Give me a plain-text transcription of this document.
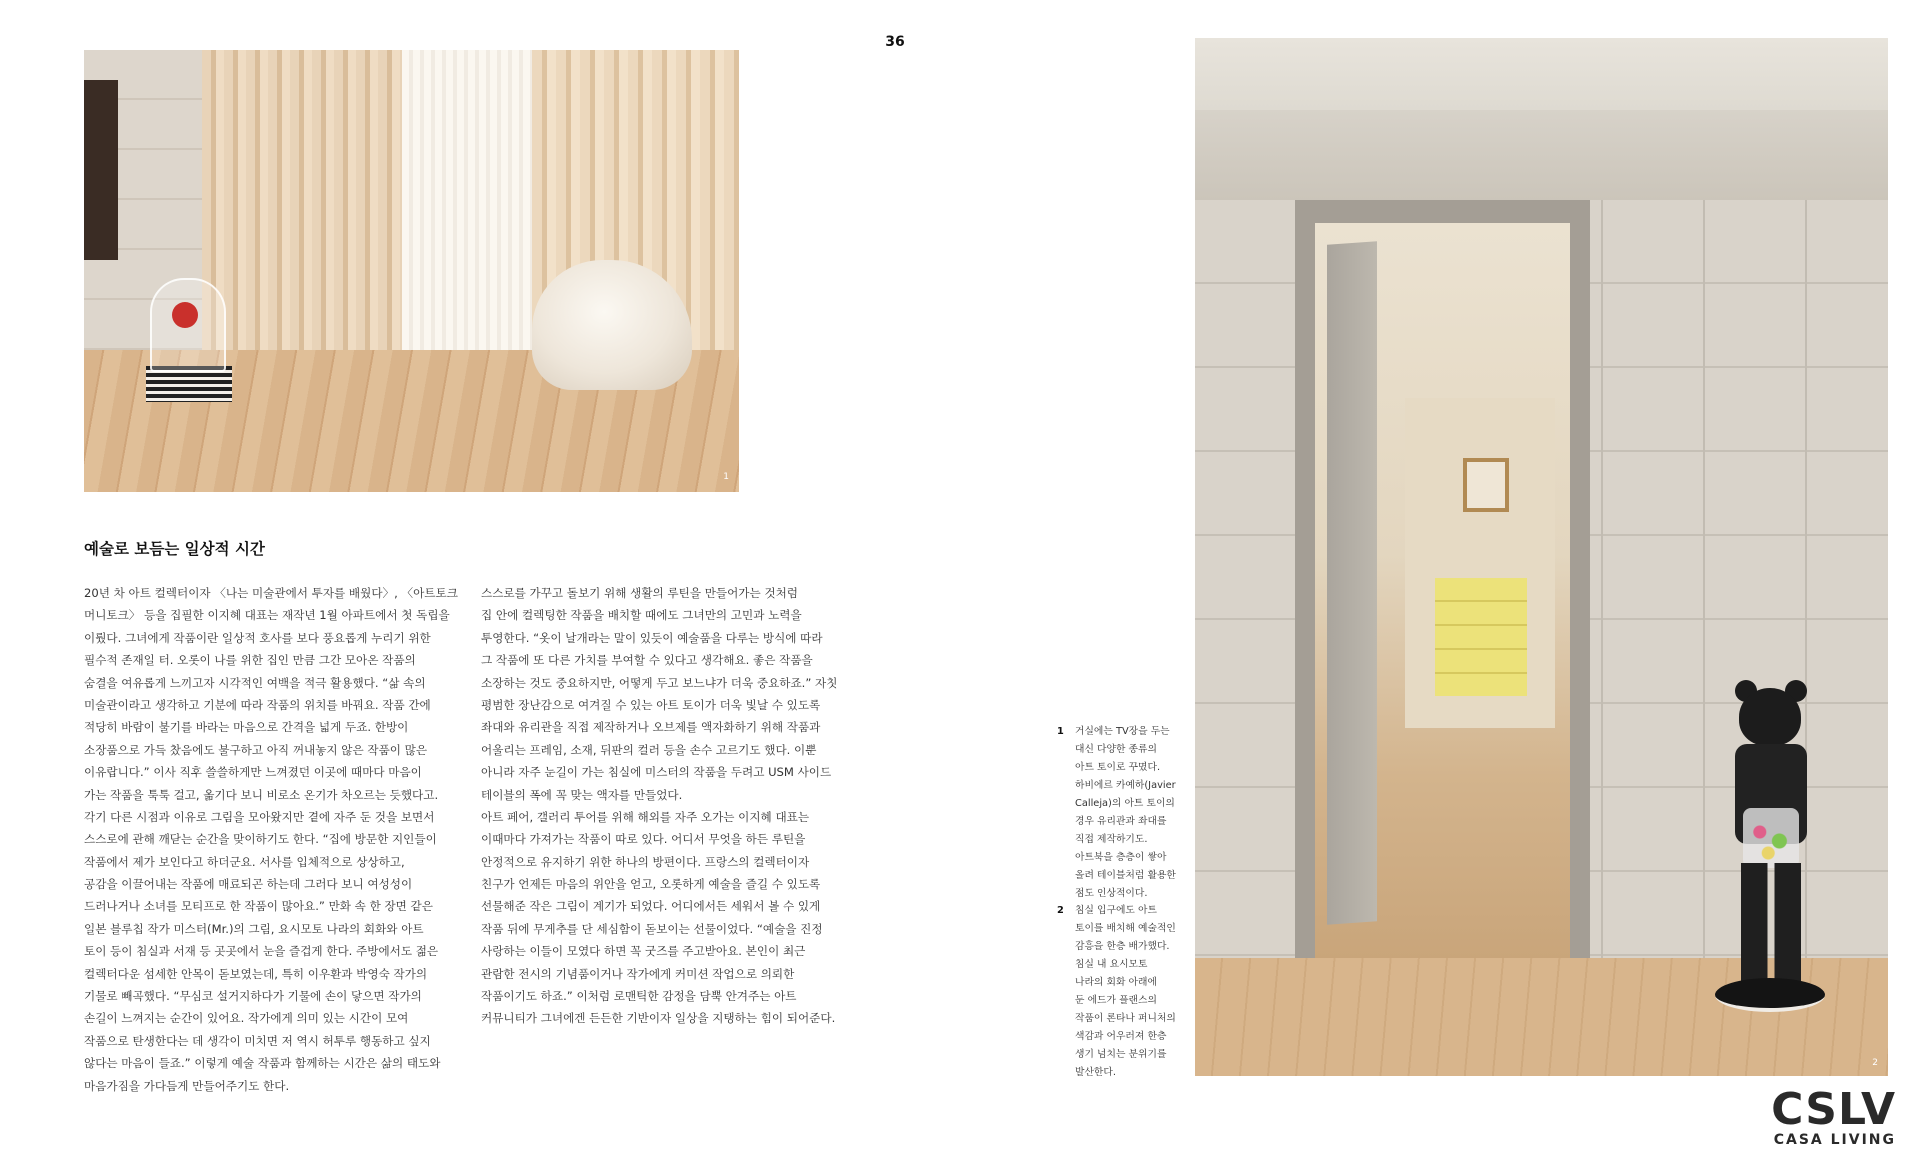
36
1
예술로 보듬는 일상적 시간
20년 차 아트 컬렉터이자 〈나는 미술관에서 투자를 배웠다〉, 〈아트토크
머니토크〉 등을 집필한 이지혜 대표는 재작년 1월 아파트에서 첫 독립을
이뤘다. 그녀에게 작품이란 일상적 호사를 보다 풍요롭게 누리기 위한
필수적 존재일 터. 오롯이 나를 위한 집인 만큼 그간 모아온 작품의
숨결을 여유롭게 느끼고자 시각적인 여백을 적극 활용했다. “삶 속의
미술관이라고 생각하고 기분에 따라 작품의 위치를 바꿔요. 작품 간에
적당히 바람이 불기를 바라는 마음으로 간격을 넓게 두죠. 한방이
소장품으로 가득 찼음에도 불구하고 아직 꺼내놓지 않은 작품이 많은
이유랍니다.” 이사 직후 쓸쓸하게만 느껴졌던 이곳에 때마다 마음이
가는 작품을 툭툭 걸고, 옮기다 보니 비로소 온기가 차오르는 듯했다고.
각기 다른 시점과 이유로 그림을 모아왔지만 곁에 자주 둔 것을 보면서
스스로에 관해 깨닫는 순간을 맞이하기도 한다. “집에 방문한 지인들이
작품에서 제가 보인다고 하더군요. 서사를 입체적으로 상상하고,
공감을 이끌어내는 작품에 매료되곤 하는데 그러다 보니 여성성이
드러나거나 소녀를 모티프로 한 작품이 많아요.” 만화 속 한 장면 같은
일본 블루칩 작가 미스터(Mr.)의 그림, 요시모토 나라의 회화와 아트
토이 등이 침실과 서재 등 곳곳에서 눈을 즐겁게 한다. 주방에서도 젊은
컬렉터다운 섬세한 안목이 돋보였는데, 특히 이우환과 박영숙 작가의
기물로 빼곡했다. “무심코 설거지하다가 기물에 손이 닿으면 작가의
손길이 느껴지는 순간이 있어요. 작가에게 의미 있는 시간이 모여
작품으로 탄생한다는 데 생각이 미치면 저 역시 허투루 행동하고 싶지
않다는 마음이 들죠.” 이렇게 예술 작품과 함께하는 시간은 삶의 태도와
마음가짐을 가다듬게 만들어주기도 한다.
스스로를 가꾸고 돌보기 위해 생활의 루틴을 만들어가는 것처럼
집 안에 컬렉팅한 작품을 배치할 때에도 그녀만의 고민과 노력을
투영한다. “옷이 날개라는 말이 있듯이 예술품을 다루는 방식에 따라
그 작품에 또 다른 가치를 부여할 수 있다고 생각해요. 좋은 작품을
소장하는 것도 중요하지만, 어떻게 두고 보느냐가 더욱 중요하죠.” 자칫
평범한 장난감으로 여겨질 수 있는 아트 토이가 더욱 빛날 수 있도록
좌대와 유리관을 직접 제작하거나 오브제를 액자화하기 위해 작품과
어울리는 프레임, 소재, 뒤판의 컬러 등을 손수 고르기도 했다. 이뿐
아니라 자주 눈길이 가는 침실에 미스터의 작품을 두려고 USM 사이드
테이블의 폭에 꼭 맞는 액자를 만들었다.
아트 페어, 갤러리 투어를 위해 해외를 자주 오가는 이지혜 대표는
이때마다 가져가는 작품이 따로 있다. 어디서 무엇을 하든 루틴을
안정적으로 유지하기 위한 하나의 방편이다. 프랑스의 컬렉터이자
친구가 언제든 마음의 위안을 얻고, 오롯하게 예술을 즐길 수 있도록
선물해준 작은 그림이 계기가 되었다. 어디에서든 세워서 볼 수 있게
작품 뒤에 무게추를 단 세심함이 돋보이는 선물이었다. “예술을 진정
사랑하는 이들이 모였다 하면 꼭 굿즈를 주고받아요. 본인이 최근
관람한 전시의 기념품이거나 작가에게 커미션 작업으로 의뢰한
작품이기도 하죠.” 이처럼 로맨틱한 감정을 담뿍 안겨주는 아트
커뮤니티가 그녀에겐 든든한 기반이자 일상을 지탱하는 힘이 되어준다.
1 거실에는 TV장을 두는
대신 다양한 종류의
아트 토이로 꾸몄다.
하비에르 카예하(Javier
Calleja)의 아트 토이의
경우 유리관과 좌대를
직접 제작하기도.
아트북을 층층이 쌓아
올려 테이블처럼 활용한
점도 인상적이다.
2 침실 입구에도 아트
토이를 배치해 예술적인
감흥을 한층 배가했다.
침실 내 요시모토
나라의 회화 아래에
둔 에드가 플랜스의
작품이 론타나 퍼니처의
색감과 어우러져 한층
생기 넘치는 분위기를
발산한다.
2
CSLV
CASA LIVING
